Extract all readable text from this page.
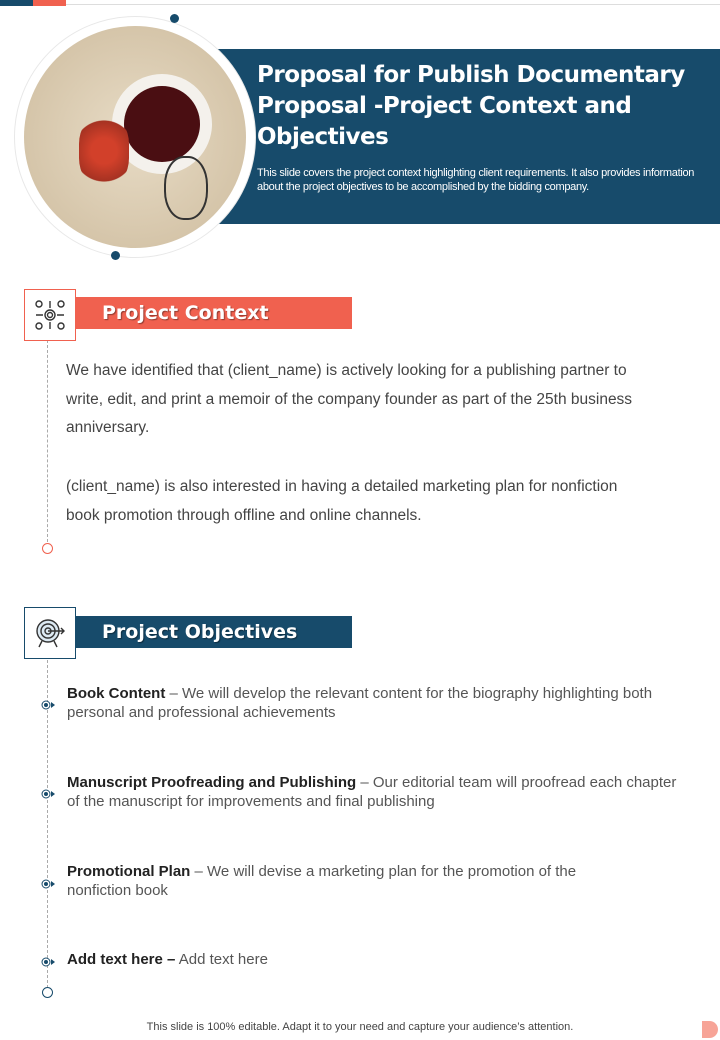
Proposal for Publish Documentary Proposal -Project Context and Objectives
This slide covers the project context highlighting client requirements. It also provides information about the project objectives to be accomplished by the bidding company.
Project Context
We have identified that (client_name) is actively looking for a publishing partner to write, edit, and print a memoir of the company founder as part of the 25th business anniversary.
(client_name) is also interested in having a detailed marketing plan for nonfiction book promotion through offline and online channels.
Project Objectives
Book Content – We will develop the relevant content for the biography highlighting both personal and professional achievements
Manuscript Proofreading and Publishing – Our editorial team will proofread each chapter of the manuscript for improvements and final publishing
Promotional Plan – We will devise a marketing plan for the promotion of the nonfiction book
Add text here – Add text here
This slide is 100% editable. Adapt it to your need and capture your audience’s attention.
